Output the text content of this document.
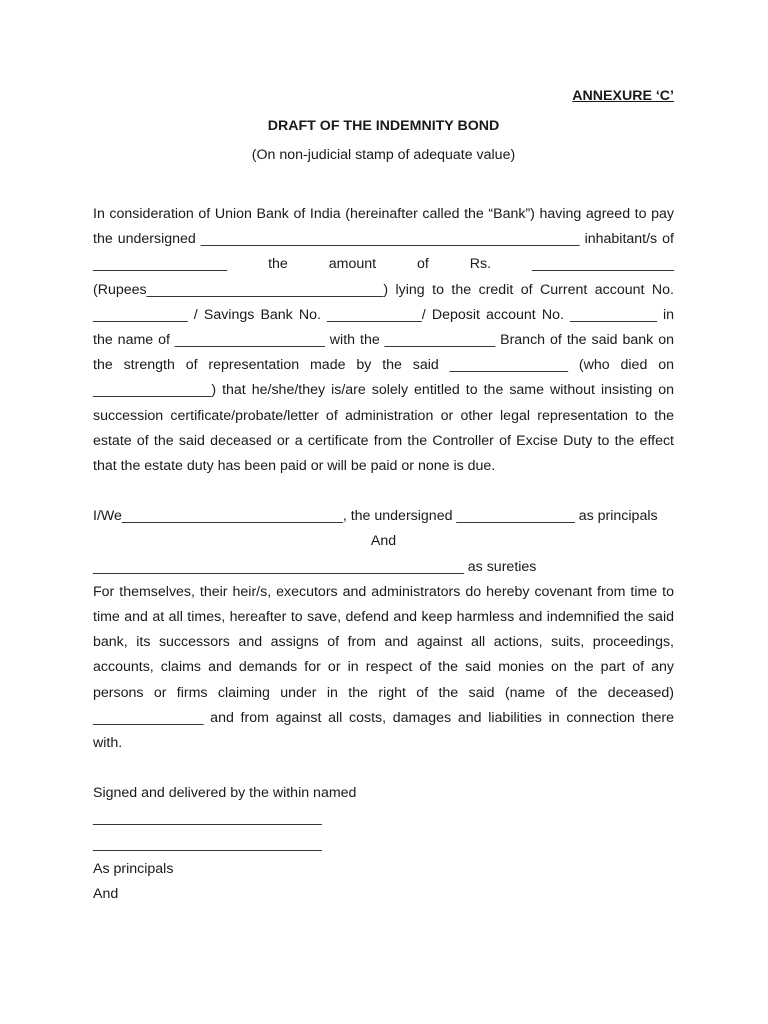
ANNEXURE ‘C’

DRAFT OF THE INDEMNITY BOND

(On non-judicial stamp of adequate value)

In consideration of Union Bank of India (hereinafter called the “Bank”) having agreed to pay the undersigned ________________________________________________ inhabitant/s of _________________ the amount of Rs. __________________ (Rupees______________________________) lying to the credit of Current account No. ____________ / Savings Bank No. ____________/ Deposit account No. ___________ in the name of ___________________ with the ______________ Branch of the said bank on the strength of representation made by the said _______________ (who died on _______________) that he/she/they is/are solely entitled to the same without insisting on succession certificate/probate/letter of administration or other legal representation to the estate of the said deceased or a certificate from the Controller of Excise Duty to the effect that the estate duty has been paid or will be paid or none is due.

I/We____________________________, the undersigned _______________ as principals

And

_______________________________________________ as sureties

For themselves, their heir/s, executors and administrators do hereby covenant from time to time and at all times, hereafter to save, defend and keep harmless and indemnified the said bank, its successors and assigns of from and against all actions, suits, proceedings, accounts, claims and demands for or in respect of the said monies on the part of any persons or firms claiming under in the right of the said (name of the deceased) ______________ and from against all costs, damages and liabilities in connection there with.

Signed and delivered by the within named

_____________________________

_____________________________

As principals

And
